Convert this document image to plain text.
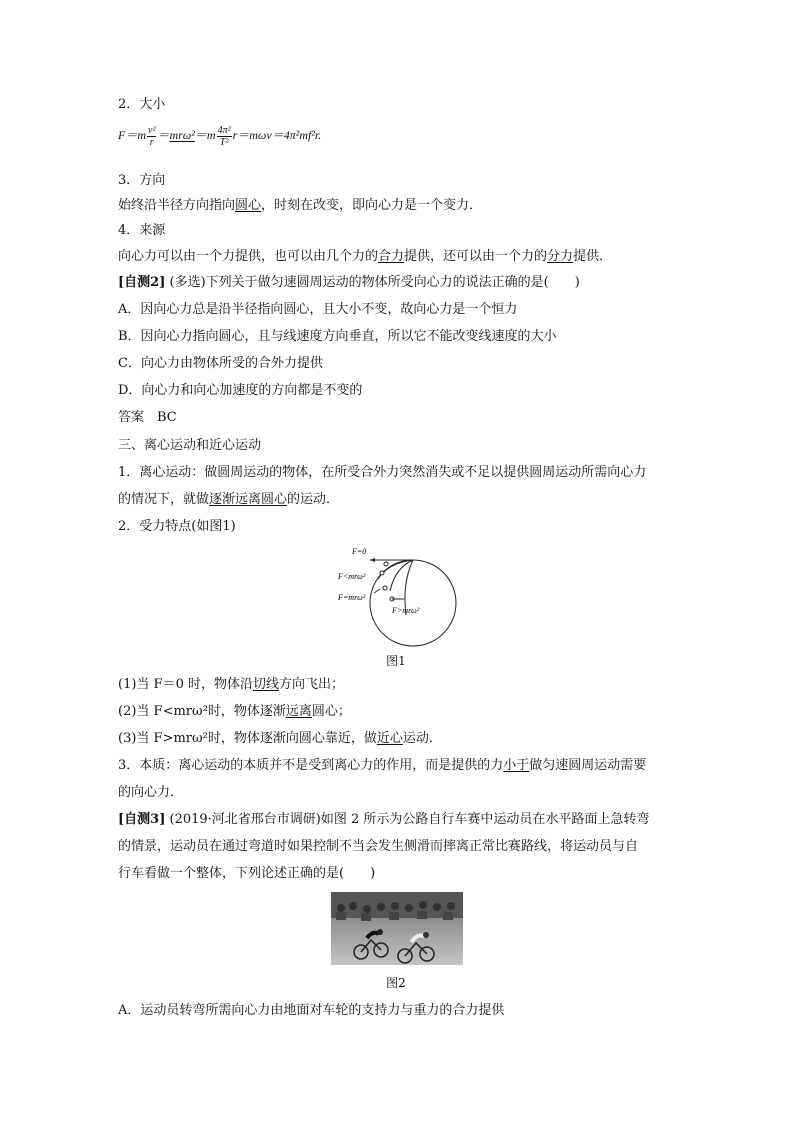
2．大小
$F=m \frac{\text{v²}}{r} =mr\omega^2=m \frac{\text{4π²}}{\text{T²}} r=m\omega v=4\pi^2mf^2r$.
3．方向
始终沿半径方向指向圆心，时刻在改变，即向心力是一个变力．
4．来源
向心力可以由一个力提供，也可以由几个力的合力提供，还可以由一个力的分力提供．
[自测2] (多选)下列关于做匀速圆周运动的物体所受向心力的说法正确的是(　　)
A．因向心力总是沿半径指向圆心，且大小不变，故向心力是一个恒力
B．因向心力指向圆心，且与线速度方向垂直，所以它不能改变线速度的大小
C．向心力由物体所受的合外力提供
D．向心力和向心加速度的方向都是不变的
答案　BC
三、离心运动和近心运动
1．离心运动：做圆周运动的物体，在所受合外力突然消失或不足以提供圆周运动所需向心力
的情况下，就做逐渐远离圆心的运动．
2．受力特点(如图1)
F=0
F<mrω²
F=mrω²
F>mrω²
图1
(1)当 F＝0 时，物体沿切线方向飞出；
(2)当 F<mrω²时，物体逐渐远离圆心；
(3)当 F>mrω²时，物体逐渐向圆心靠近，做近心运动．
3．本质：离心运动的本质并不是受到离心力的作用，而是提供的力小于做匀速圆周运动需要
的向心力．
[自测3] (2019·河北省邢台市调研)如图 2 所示为公路自行车赛中运动员在水平路面上急转弯
的情景，运动员在通过弯道时如果控制不当会发生侧滑而摔离正常比赛路线，将运动员与自
行车看做一个整体，下列论述正确的是(　　)
图2
A．运动员转弯所需向心力由地面对车轮的支持力与重力的合力提供
